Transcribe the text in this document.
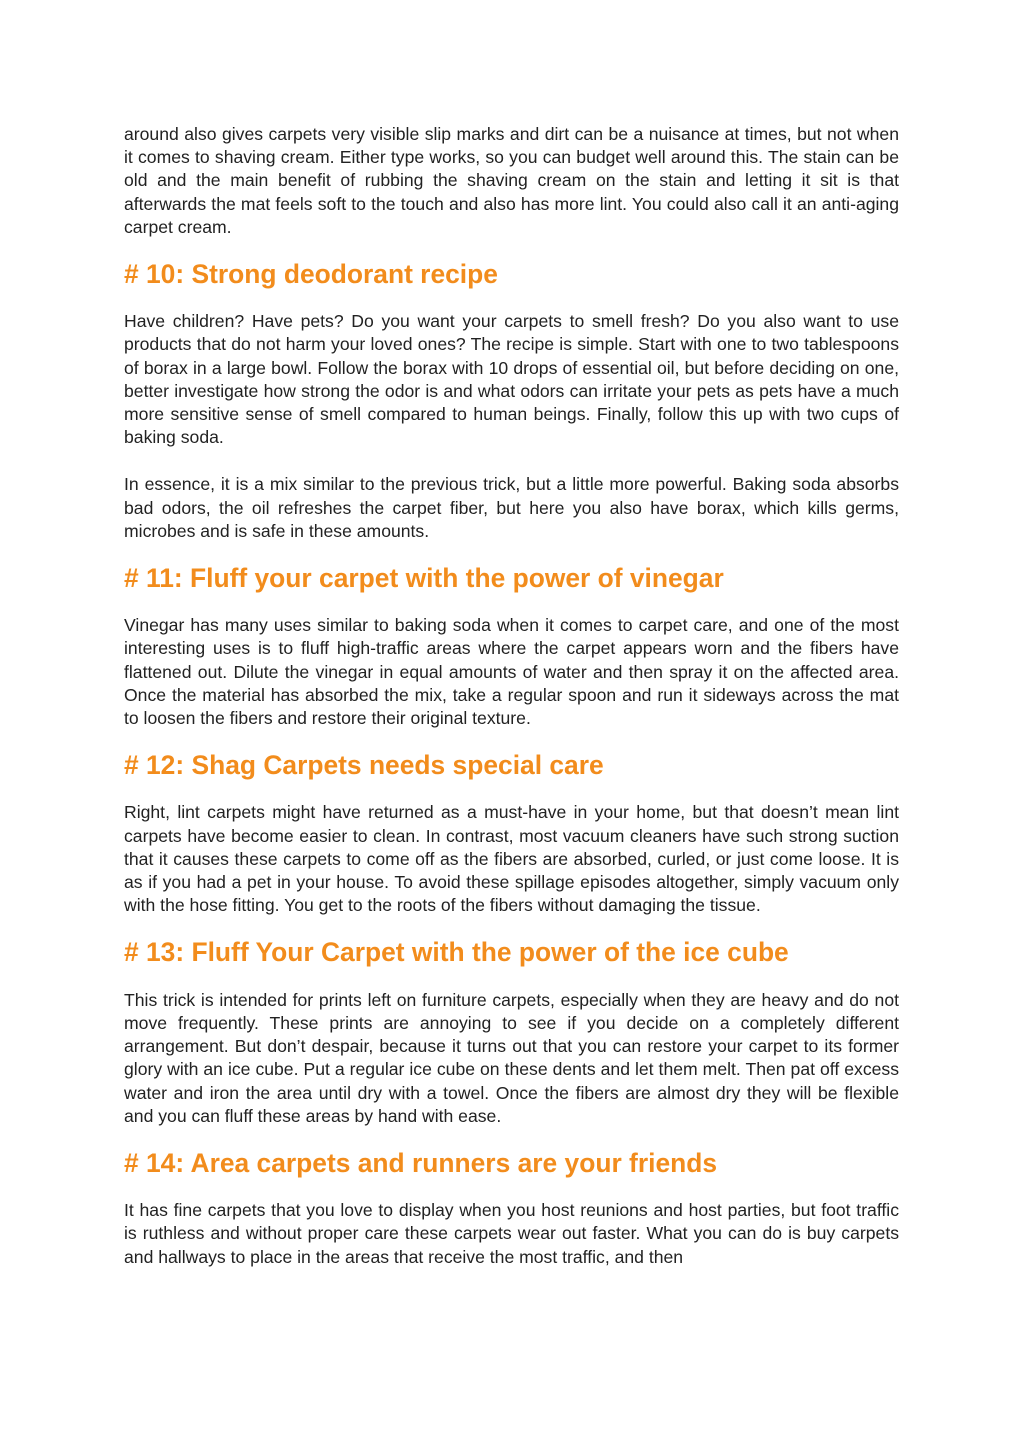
around also gives carpets very visible slip marks and dirt can be a nuisance at times, but not when it comes to shaving cream. Either type works, so you can budget well around this. The stain can be old and the main benefit of rubbing the shaving cream on the stain and letting it sit is that afterwards the mat feels soft to the touch and also has more lint. You could also call it an anti-aging carpet cream.

# 10: Strong deodorant recipe

Have children? Have pets? Do you want your carpets to smell fresh? Do you also want to use products that do not harm your loved ones? The recipe is simple. Start with one to two tablespoons of borax in a large bowl. Follow the borax with 10 drops of essential oil, but before deciding on one, better investigate how strong the odor is and what odors can irritate your pets as pets have a much more sensitive sense of smell compared to human beings. Finally, follow this up with two cups of baking soda.

In essence, it is a mix similar to the previous trick, but a little more powerful. Baking soda absorbs bad odors, the oil refreshes the carpet fiber, but here you also have borax, which kills germs, microbes and is safe in these amounts.

# 11: Fluff your carpet with the power of vinegar

Vinegar has many uses similar to baking soda when it comes to carpet care, and one of the most interesting uses is to fluff high-traffic areas where the carpet appears worn and the fibers have flattened out. Dilute the vinegar in equal amounts of water and then spray it on the affected area. Once the material has absorbed the mix, take a regular spoon and run it sideways across the mat to loosen the fibers and restore their original texture.

# 12: Shag Carpets needs special care

Right, lint carpets might have returned as a must-have in your home, but that doesn’t mean lint carpets have become easier to clean. In contrast, most vacuum cleaners have such strong suction that it causes these carpets to come off as the fibers are absorbed, curled, or just come loose. It is as if you had a pet in your house. To avoid these spillage episodes altogether, simply vacuum only with the hose fitting. You get to the roots of the fibers without damaging the tissue.

# 13: Fluff Your Carpet with the power of the ice cube

This trick is intended for prints left on furniture carpets, especially when they are heavy and do not move frequently. These prints are annoying to see if you decide on a completely different arrangement. But don’t despair, because it turns out that you can restore your carpet to its former glory with an ice cube. Put a regular ice cube on these dents and let them melt. Then pat off excess water and iron the area until dry with a towel. Once the fibers are almost dry they will be flexible and you can fluff these areas by hand with ease.

# 14: Area carpets and runners are your friends

It has fine carpets that you love to display when you host reunions and host parties, but foot traffic is ruthless and without proper care these carpets wear out faster. What you can do is buy carpets and hallways to place in the areas that receive the most traffic, and then
